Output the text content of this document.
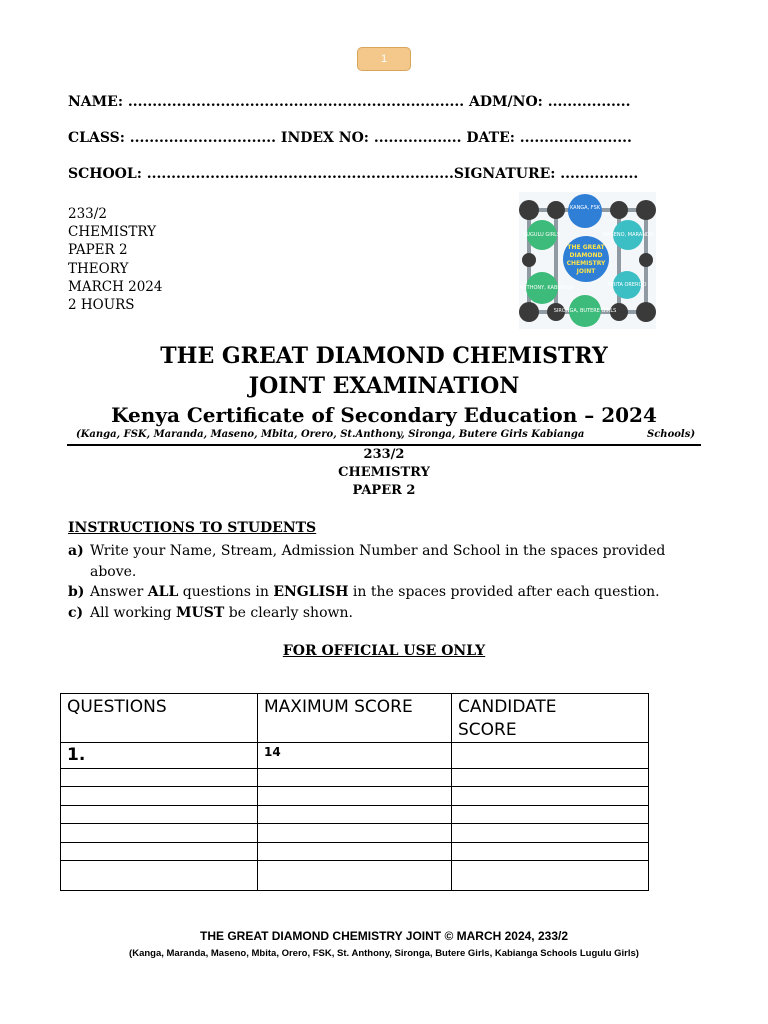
1
NAME: ..................................................................... ADM/NO: .................
CLASS: .............................. INDEX NO: .................. DATE: .......................
SCHOOL: ...............................................................SIGNATURE: ................
233/2
CHEMISTRY
PAPER 2
THEORY
MARCH 2024
2 HOURS
KANGA, FSK
LUGULU GIRLS	MASENO, MARANDA
ST. ANTHONY, KABIANGA	MBITA OREROO
SIRONGA, BUTERE GIRLS
THE GREAT
DIAMOND
CHEMISTRY
JOINT
THE GREAT DIAMOND CHEMISTRY
JOINT EXAMINATION
Kenya Certificate of Secondary Education – 2024
(Kanga, FSK, Maranda, Maseno, Mbita, Orero, St.Anthony, Sironga, Butere Girls Kabianga	Schools)
233/2
CHEMISTRY
PAPER 2
INSTRUCTIONS TO STUDENTS
a) Write your Name, Stream, Admission Number and School in the spaces provided above.
b) Answer ALL questions in ENGLISH in the spaces provided after each question.
c) All working MUST be clearly shown.
FOR OFFICIAL USE ONLY
QUESTIONS	MAXIMUM SCORE	CANDIDATE SCORE

1.	14	

THE GREAT DIAMOND CHEMISTRY JOINT © MARCH 2024, 233/2
(Kanga, Maranda, Maseno, Mbita, Orero, FSK, St. Anthony, Sironga, Butere Girls, Kabianga Schools Lugulu Girls)
